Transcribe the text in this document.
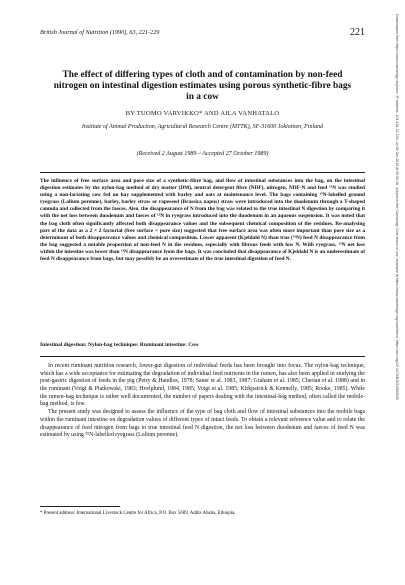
British Journal of Nutrition (1990), 63, 221-229	221	Downloaded from https://www.cambridge.org/core. IP address: 101.181.22.105, on 01 Oct 2019 at 05:55:15, subject to the Cambridge Core terms of use, available at https://www.cambridge.org/core/terms. https://doi.org/10.1079/BJN19900108
The effect of differing types of cloth and of contamination by non-feed nitrogen on intestinal digestion estimates using porous synthetic-fibre bags in a cow
BY TUOMO VARVIKKO* AND AILA VANHATALO
Institute of Animal Production, Agricultural Research Centre (MTTK), SF-31600 Jokioinen, Finland
(Received 2 August 1989 – Accepted 27 October 1989)

The influence of free surface area and pore size of a synthetic-fibre bag, and flow of intestinal substances into the bag, on the intestinal digestion estimates by the nylon-bag method of dry matter (DM), neutral detergent fibre (NDF), nitrogen, NDF-N and feed ¹⁵N was studied using a non-lactating cow fed on hay supplemented with barley and oats at maintenance level. The bags containing ¹⁵N-labelled ground ryegrass (Lolium perenne), barley, barley straw or rapeseed (Brassica napus) straw were introduced into the duodenum through a T-shaped cannula and collected from the faeces. Also, the disappearance of N from the bag was related to the true intestinal N digestion by comparing it with the net loss between duodenum and faeces of ¹⁵N in ryegrass introduced into the duodenum in an aqueous suspension. It was noted that the bag cloth often significantly affected both disappearance values and the subsequent chemical composition of the residues. Re-analysing part of the data as a 2 × 2 factorial (free surface × pore size) suggested that free surface area was often more important than pore size as a determinant of both disappearance values and chemical composition. Lower apparent (Kjeldahl N) than true (¹⁵N) feed N disappearance from the bag suggested a notable proportion of non-feed N in the residues, especially with fibrous feeds with low N. With ryegrass, ¹⁵N net loss within the intestine was lower than ¹⁵N disappearance from the bags. It was concluded that disappearance of Kjeldahl N is an underestimate of feed N disappearance from bags, but may possibly be an overestimate of the true intestinal digestion of feed N.

Intestinal digestion: Nylon-bag technique: Ruminant intestine: Cow

In recent ruminant nutrition research, lower-gut digestion of individual feeds has been brought into focus. The nylon-bag technique, which has a wide acceptance for estimating the degradation of individual feed nutrients in the rumen, has also been applied in studying the post-gastric digestion of feeds in the pig (Petry & Handlos, 1978; Sauer et al. 1983, 1987; Graham et al. 1985; Cherian et al. 1988) and in the ruminant (Voigt & Piatkowski, 1983; Hvelplund, 1984, 1985; Voigt et al. 1985; Kirkpatrick & Kennelly, 1985; Rooke, 1985). While the rumen-bag technique is rather well documented, the number of papers dealing with the intestinal-bag method, often called the mobile-bag method, is few.

The present study was designed to assess the influence of the type of bag cloth and flow of intestinal substances into the mobile bags within the ruminant intestine on degradation values of different types of intact feeds. To obtain a relevant reference value and to relate the disappearance of feed nitrogen from bags to true intestinal feed N digestion, the net loss between duodenum and faeces of feed N was estimated by using ¹⁵N-labelled ryegrass (Lolium perenne).

* Present address: International Livestock Centre for Africa, P.O. Box 5689, Addis Ababa, Ethiopia.
